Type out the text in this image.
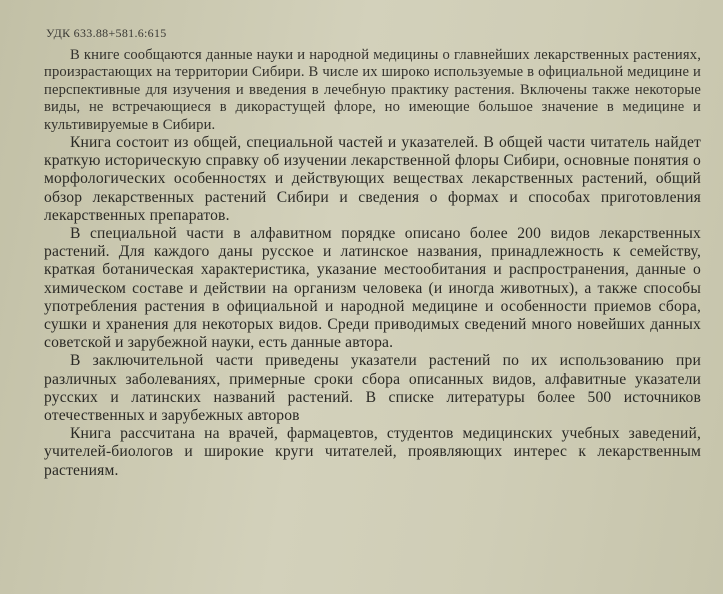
УДК 633.88+581.6:615

В книге сообщаются данные науки и народной медицины о главнейших лекарственных растениях, произрастающих на территории Сибири. В числе их широко используемые в официальной медицине и перспективные для изучения и введения в лечебную практику растения. Включены также некоторые виды, не встречающиеся в дикорастущей флоре, но имеющие большое значение в медицине и культивируемые в Сибири.

Книга состоит из общей, специальной частей и указателей. В общей части читатель найдет краткую историческую справку об изучении лекарственной флоры Сибири, основные понятия о морфологических особенностях и действующих веществах лекарственных растений, общий обзор лекарственных растений Сибири и сведения о формах и способах приготовления лекарственных препаратов.

В специальной части в алфавитном порядке описано более 200 видов лекарственных растений. Для каждого даны русское и латинское названия, принадлежность к семейству, краткая ботаническая характеристика, указание местообитания и распространения, данные о химическом составе и действии на организм человека (и иногда животных), а также способы употребления растения в официальной и народной медицине и особенности приемов сбора, сушки и хранения для некоторых видов. Среди приводимых сведений много новейших данных советской и зарубежной науки, есть данные автора.

В заключительной части приведены указатели растений по их использованию при различных заболеваниях, примерные сроки сбора описанных видов, алфавитные указатели русских и латинских названий растений. В списке литературы более 500 источников отечественных и зарубежных авторов

Книга рассчитана на врачей, фармацевтов, студентов медицинских учебных заведений, учителей-биологов и широкие круги читателей, проявляющих интерес к лекарственным растениям.
